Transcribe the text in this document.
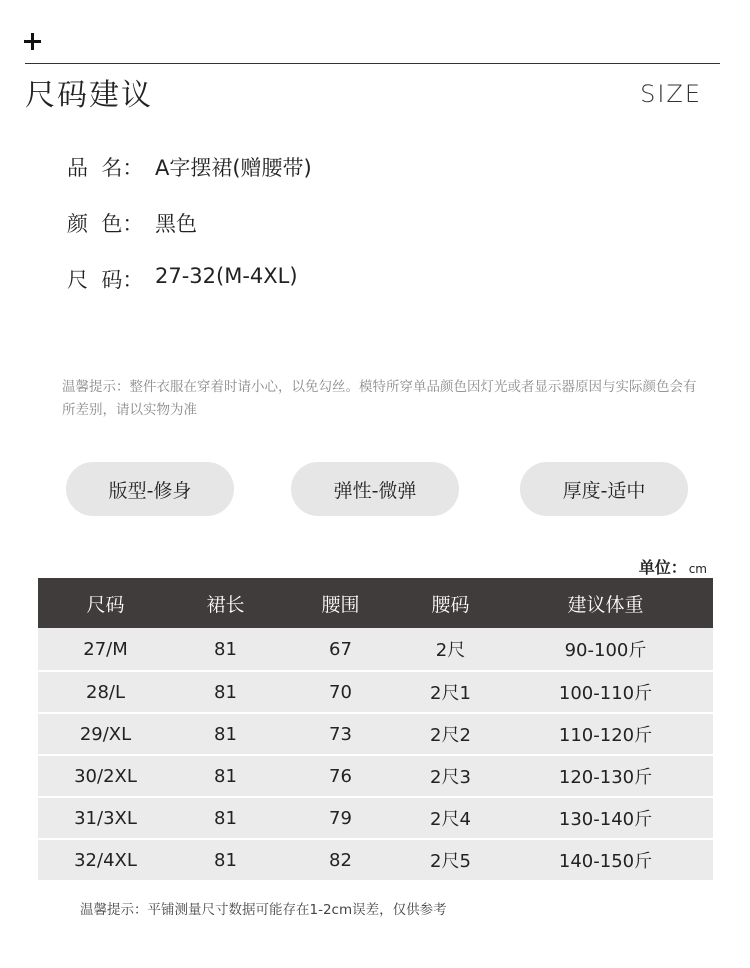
尺码建议	SIZE
品  名： A字摆裙(赠腰带)
颜  色： 黑色
尺  码： 27-32(M-4XL)
温馨提示：整件衣服在穿着时请小心，以免勾丝。模特所穿单品颜色因灯光或者显示器原因与实际颜色会有所差别，请以实物为准
版型-修身	弹性-微弹	厚度-适中
单位： cm
尺码	裙长	腰围	腰码	建议体重
27/M	81	67	2尺	90-100斤
28/L	81	70	2尺1	100-110斤
29/XL	81	73	2尺2	110-120斤
30/2XL	81	76	2尺3	120-130斤
31/3XL	81	79	2尺4	130-140斤
32/4XL	81	82	2尺5	140-150斤
温馨提示：平铺测量尺寸数据可能存在1-2cm误差，仅供参考
